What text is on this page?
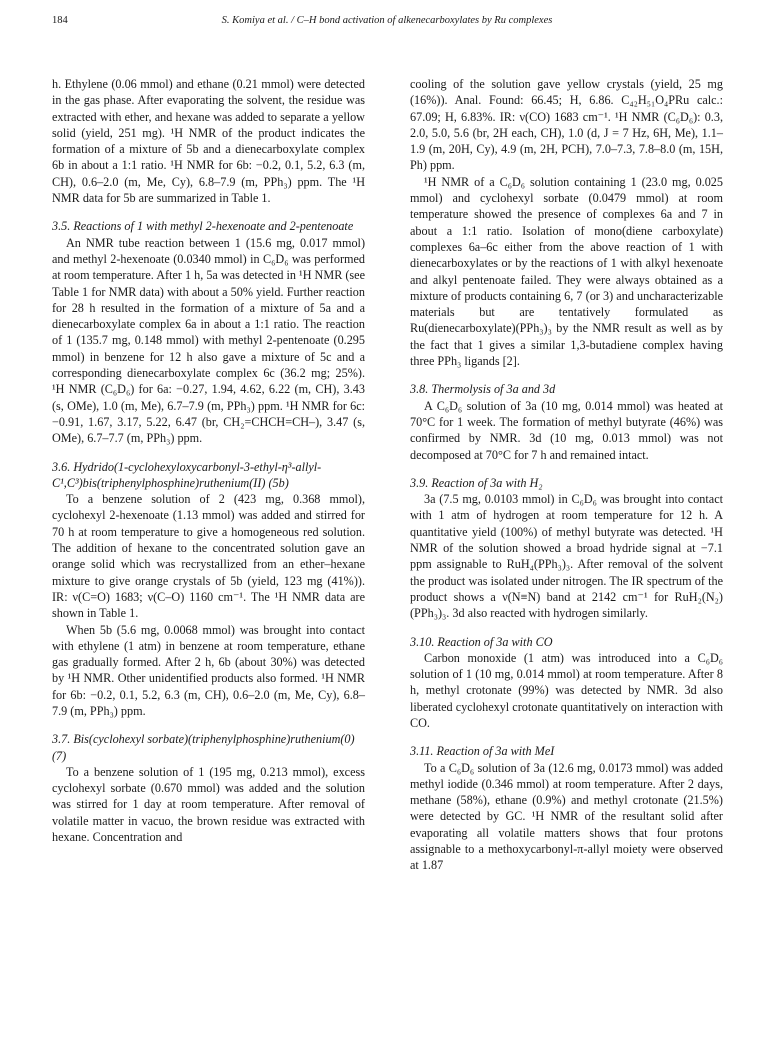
184	S. Komiya et al. / C–H bond activation of alkenecarboxylates by Ru complexes

h. Ethylene (0.06 mmol) and ethane (0.21 mmol) were detected in the gas phase. After evaporating the solvent, the residue was extracted with ether, and hexane was added to separate a yellow solid (yield, 251 mg). ¹H NMR of the product indicates the formation of a mixture of 5b and a dienecarboxylate complex 6b in about a 1:1 ratio. ¹H NMR for 6b: −0.2, 0.1, 5.2, 6.3 (m, CH), 0.6–2.0 (m, Me, Cy), 6.8–7.9 (m, PPh₃) ppm. The ¹H NMR data for 5b are summarized in Table 1.

3.5. Reactions of 1 with methyl 2-hexenoate and 2-pentenoate

An NMR tube reaction between 1 (15.6 mg, 0.017 mmol) and methyl 2-hexenoate (0.0340 mmol) in C₆D₆ was performed at room temperature. After 1 h, 5a was detected in ¹H NMR (see Table 1 for NMR data) with about a 50% yield. Further reaction for 28 h resulted in the formation of a mixture of 5a and a dienecarboxylate complex 6a in about a 1:1 ratio. The reaction of 1 (135.7 mg, 0.148 mmol) with methyl 2-pentenoate (0.295 mmol) in benzene for 12 h also gave a mixture of 5c and a corresponding dienecarboxylate complex 6c (36.2 mg; 25%). ¹H NMR (C₆D₆) for 6a: −0.27, 1.94, 4.62, 6.22 (m, CH), 3.43 (s, OMe), 1.0 (m, Me), 6.7–7.9 (m, PPh₃) ppm. ¹H NMR for 6c: −0.91, 1.67, 3.17, 5.22, 6.47 (br, CH₂=CHCH=CH–), 3.47 (s, OMe), 6.7–7.7 (m, PPh₃) ppm.

3.6. Hydrido(1-cyclohexyloxycarbonyl-3-ethyl-η³-allyl-C¹,C³)bis(triphenylphosphine)ruthenium(II) (5b)

To a benzene solution of 2 (423 mg, 0.368 mmol), cyclohexyl 2-hexenoate (1.13 mmol) was added and stirred for 70 h at room temperature to give a homogeneous red solution. The addition of hexane to the concentrated solution gave an orange solid which was recrystallized from an ether–hexane mixture to give orange crystals of 5b (yield, 123 mg (41%)). IR: ν(C=O) 1683; ν(C–O) 1160 cm⁻¹. The ¹H NMR data are shown in Table 1.

When 5b (5.6 mg, 0.0068 mmol) was brought into contact with ethylene (1 atm) in benzene at room temperature, ethane gas gradually formed. After 2 h, 6b (about 30%) was detected by ¹H NMR. Other unidentified products also formed. ¹H NMR for 6b: −0.2, 0.1, 5.2, 6.3 (m, CH), 0.6–2.0 (m, Me, Cy), 6.8–7.9 (m, PPh₃) ppm.

3.7. Bis(cyclohexyl sorbate)(triphenylphosphine)ruthenium(0) (7)

To a benzene solution of 1 (195 mg, 0.213 mmol), excess cyclohexyl sorbate (0.670 mmol) was added and the solution was stirred for 1 day at room temperature. After removal of volatile matter in vacuo, the brown residue was extracted with hexane. Concentration and

cooling of the solution gave yellow crystals (yield, 25 mg (16%)). Anal. Found: 66.45; H, 6.86. C₄₂H₅₁O₄PRu calc.: 67.09; H, 6.83%. IR: ν(CO) 1683 cm⁻¹. ¹H NMR (C₆D₆): 0.3, 2.0, 5.0, 5.6 (br, 2H each, CH), 1.0 (d, J = 7 Hz, 6H, Me), 1.1–1.9 (m, 20H, Cy), 4.9 (m, 2H, PCH), 7.0–7.3, 7.8–8.0 (m, 15H, Ph) ppm.

¹H NMR of a C₆D₆ solution containing 1 (23.0 mg, 0.025 mmol) and cyclohexyl sorbate (0.0479 mmol) at room temperature showed the presence of complexes 6a and 7 in about a 1:1 ratio. Isolation of mono(diene carboxylate) complexes 6a–6c either from the above reaction of 1 with dienecarboxylates or by the reactions of 1 with alkyl hexenoate and alkyl pentenoate failed. They were always obtained as a mixture of products containing 6, 7 (or 3) and uncharacterizable materials but are tentatively formulated as Ru(dienecarboxylate)(PPh₃)₃ by the NMR result as well as by the fact that 1 gives a similar 1,3-butadiene complex having three PPh₃ ligands [2].

3.8. Thermolysis of 3a and 3d

A C₆D₆ solution of 3a (10 mg, 0.014 mmol) was heated at 70°C for 1 week. The formation of methyl butyrate (46%) was confirmed by NMR. 3d (10 mg, 0.013 mmol) was not decomposed at 70°C for 7 h and remained intact.

3.9. Reaction of 3a with H₂

3a (7.5 mg, 0.0103 mmol) in C₆D₆ was brought into contact with 1 atm of hydrogen at room temperature for 12 h. A quantitative yield (100%) of methyl butyrate was detected. ¹H NMR of the solution showed a broad hydride signal at −7.1 ppm assignable to RuH₄(PPh₃)₃. After removal of the solvent the product was isolated under nitrogen. The IR spectrum of the product shows a ν(N≡N) band at 2142 cm⁻¹ for RuH₂(N₂)(PPh₃)₃. 3d also reacted with hydrogen similarly.

3.10. Reaction of 3a with CO

Carbon monoxide (1 atm) was introduced into a C₆D₆ solution of 1 (10 mg, 0.014 mmol) at room temperature. After 8 h, methyl crotonate (99%) was detected by NMR. 3d also liberated cyclohexyl crotonate quantitatively on interaction with CO.

3.11. Reaction of 3a with MeI

To a C₆D₆ solution of 3a (12.6 mg, 0.0173 mmol) was added methyl iodide (0.346 mmol) at room temperature. After 2 days, methane (58%), ethane (0.9%) and methyl crotonate (21.5%) were detected by GC. ¹H NMR of the resultant solid after evaporating all volatile matters shows that four protons assignable to a methoxycarbonyl-π-allyl moiety were observed at 1.87
